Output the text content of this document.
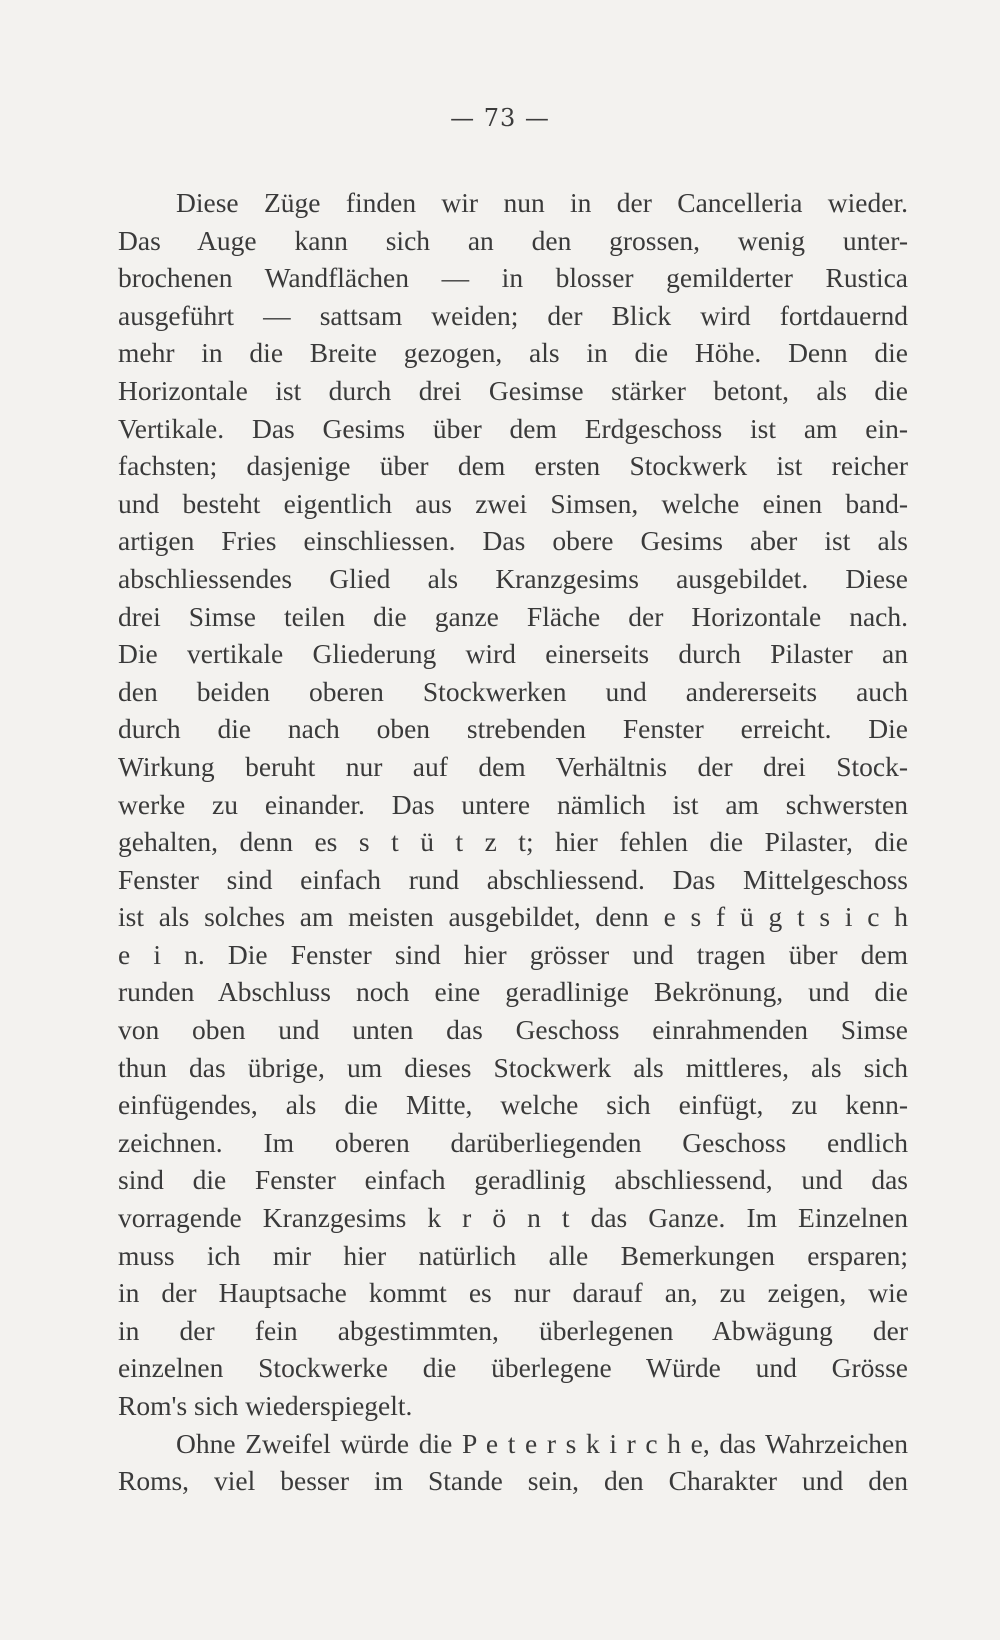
— 73 —
Diese Züge finden wir nun in der Cancelleria wieder.
Das Auge kann sich an den grossen, wenig unter-
brochenen Wandflächen — in blosser gemilderter Rustica
ausgeführt — sattsam weiden; der Blick wird fortdauernd
mehr in die Breite gezogen, als in die Höhe. Denn die
Horizontale ist durch drei Gesimse stärker betont, als die
Vertikale. Das Gesims über dem Erdgeschoss ist am ein-
fachsten; dasjenige über dem ersten Stockwerk ist reicher
und besteht eigentlich aus zwei Simsen, welche einen band-
artigen Fries einschliessen. Das obere Gesims aber ist als
abschliessendes Glied als Kranzgesims ausgebildet. Diese
drei Simse teilen die ganze Fläche der Horizontale nach.
Die vertikale Gliederung wird einerseits durch Pilaster an
den beiden oberen Stockwerken und andererseits auch
durch die nach oben strebenden Fenster erreicht. Die
Wirkung beruht nur auf dem Verhältnis der drei Stock-
werke zu einander. Das untere nämlich ist am schwersten
gehalten, denn es s t ü t z t; hier fehlen die Pilaster, die
Fenster sind einfach rund abschliessend. Das Mittelgeschoss
ist als solches am meisten ausgebildet, denn e s f ü g t s i c h
e i n. Die Fenster sind hier grösser und tragen über dem
runden Abschluss noch eine geradlinige Bekrönung, und die
von oben und unten das Geschoss einrahmenden Simse
thun das übrige, um dieses Stockwerk als mittleres, als sich
einfügendes, als die Mitte, welche sich einfügt, zu kenn-
zeichnen. Im oberen darüberliegenden Geschoss endlich
sind die Fenster einfach geradlinig abschliessend, und das
vorragende Kranzgesims k r ö n t das Ganze. Im Einzelnen
muss ich mir hier natürlich alle Bemerkungen ersparen;
in der Hauptsache kommt es nur darauf an, zu zeigen, wie
in der fein abgestimmten, überlegenen Abwägung der
einzelnen Stockwerke die überlegene Würde und Grösse
Rom's sich wiederspiegelt.
Ohne Zweifel würde die P e t e r s k i r c h e, das Wahrzeichen
Roms, viel besser im Stande sein, den Charakter und den
